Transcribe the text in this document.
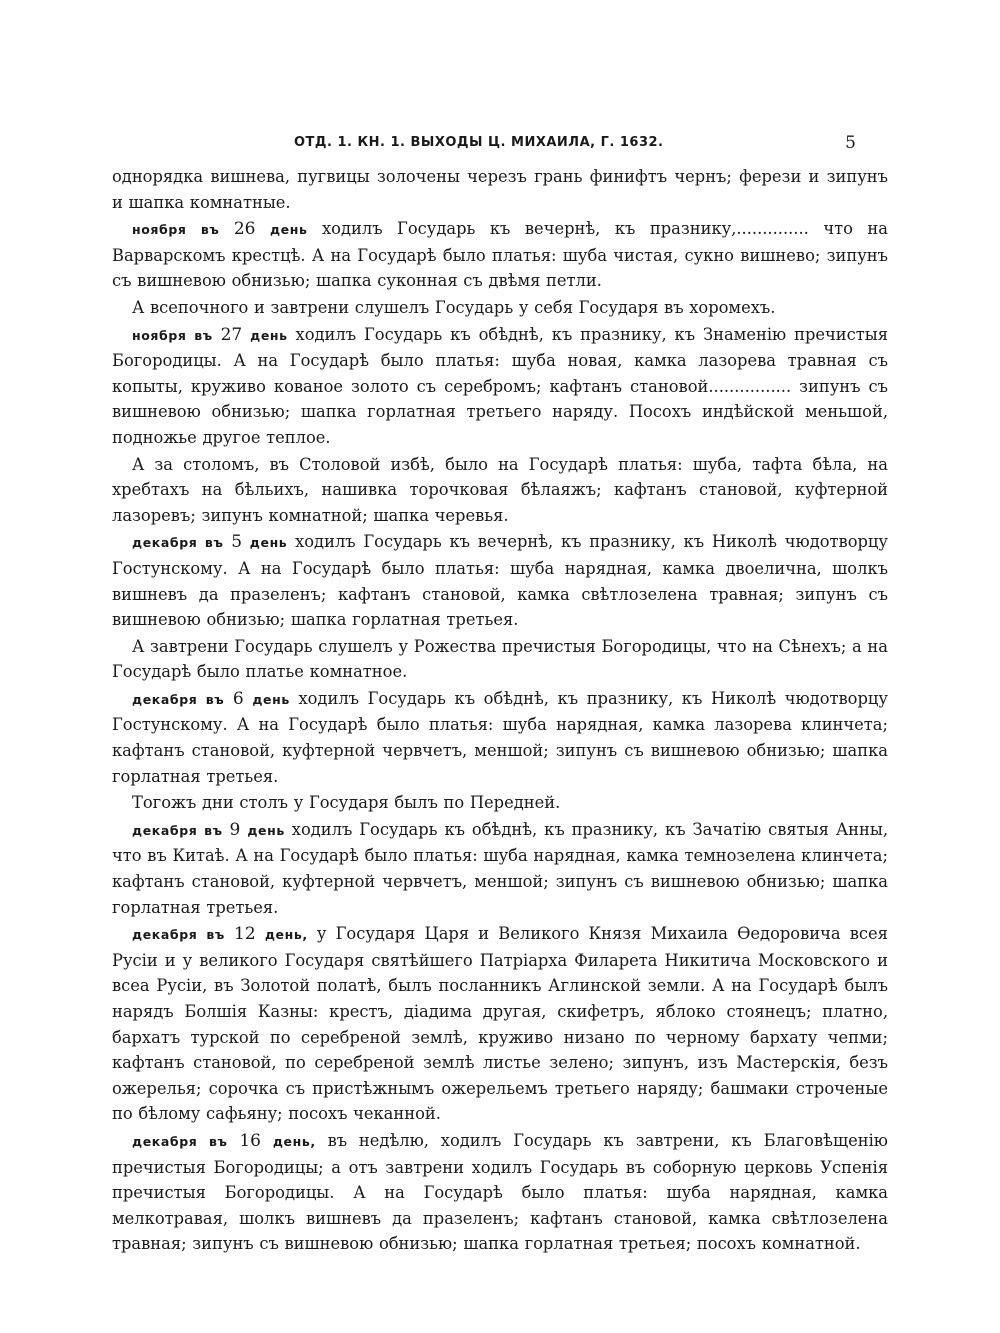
ОТД. 1. КН. 1. ВЫХОДЫ Ц. МИХАИЛА, Г. 1632.	5

однорядка вишнева, пугвицы золочены черезъ грань финифтъ чернъ; ферези и зипунъ и шапка комнатные.

ноября въ 26 день ходилъ Государь къ вечернѣ, къ празнику,.............. что на Варварскомъ крестцѣ. А на Государѣ было платья: шуба чистая, сукно вишнево; зипунъ съ вишневою обнизью; шапка суконная съ двѣмя петли.

А всепочного и завтрени слушелъ Государь у себя Государя въ хоромехъ.

ноября въ 27 день ходилъ Государь къ обѣднѣ, къ празнику, къ Знаменію пречистыя Богородицы. А на Государѣ было платья: шуба новая, камка лазорева травная съ копыты, круживо кованое золото съ серебромъ; кафтанъ становой................ зипунъ съ вишневою обнизью; шапка горлатная третьего наряду. Посохъ индѣйской меньшой, подножье другое теплое.

А за столомъ, въ Столовой избѣ, было на Государѣ платья: шуба, тафта бѣла, на хребтахъ на бѣльихъ, нашивка торочковая бѣлаяжъ; кафтанъ становой, куфтерной лазоревъ; зипунъ комнатной; шапка черевья.

декабря въ 5 день ходилъ Государь къ вечернѣ, къ празнику, къ Николѣ чюдотворцу Гостунскому. А на Государѣ было платья: шуба нарядная, камка двоелична, шолкъ вишневъ да празеленъ; кафтанъ становой, камка свѣтлозелена травная; зипунъ съ вишневою обнизью; шапка горлатная третьея.

А завтрени Государь слушелъ у Рожества пречистыя Богородицы, что на Сѣнехъ; а на Государѣ было платье комнатное.

декабря въ 6 день ходилъ Государь къ обѣднѣ, къ празнику, къ Николѣ чюдотворцу Гостунскому. А на Государѣ было платья: шуба нарядная, камка лазорева клинчета; кафтанъ становой, куфтерной червчетъ, меншой; зипунъ съ вишневою обнизью; шапка горлатная третьея.

Тогожъ дни столъ у Государя былъ по Передней.

декабря въ 9 день ходилъ Государь къ обѣднѣ, къ празнику, къ Зачатію святыя Анны, что въ Китаѣ. А на Государѣ было платья: шуба нарядная, камка темнозелена клинчета; кафтанъ становой, куфтерной червчетъ, меншой; зипунъ съ вишневою обнизью; шапка горлатная третьея.

декабря въ 12 день, у Государя Царя и Великого Князя Михаила Ѳедоровича всея Русіи и у великого Государя святѣйшего Патріарха Филарета Никитича Московского и всеа Русіи, въ Золотой полатѣ, былъ посланникъ Аглинской земли. А на Государѣ былъ нарядъ Болшія Казны: крестъ, діадима другая, скифетръ, яблоко стоянецъ; платно, бархатъ турской по серебреной землѣ, круживо низано по черному бархату чепми; кафтанъ становой, по серебреной землѣ листье зелено; зипунъ, изъ Мастерскія, безъ ожерелья; сорочка съ пристѣжнымъ ожерельемъ третьего наряду; башмаки строченые по бѣлому сафьяну; посохъ чеканной.

декабря въ 16 день, въ недѣлю, ходилъ Государь къ завтрени, къ Благовѣщенію пречистыя Богородицы; а отъ завтрени ходилъ Государь въ соборную церковь Успенія пречистыя Богородицы. А на Государѣ было платья: шуба нарядная, камка мелкотравая, шолкъ вишневъ да празеленъ; кафтанъ становой, камка свѣтлозелена травная; зипунъ съ вишневою обнизью; шапка горлатная третьея; посохъ комнатной.
